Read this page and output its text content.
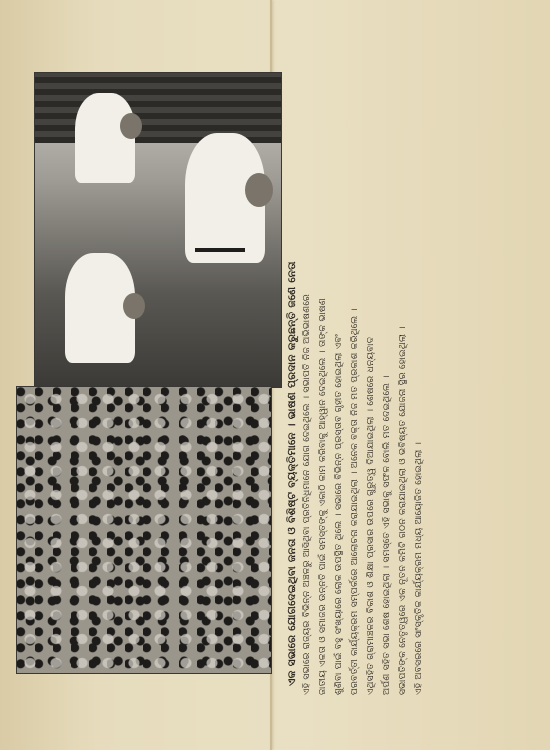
ଏକ ସଭାରେ ଯୋଗଦେଇଥିବା ଜନତା ଓ ବିଶିଷ୍ଟ ବ୍ୟକ୍ତିମାନେ । ଭାଷଣ ପ୍ରଦାନ କରୁଛନ୍ତି ଜଣେ ନେତା ଏହି ସଭାରେ ରାଜ୍ୟର ବିଭିନ୍ନ ଅଞ୍ଚଳରୁ ଆସିଥିବା ପ୍ରତିନିଧିମାନେ ଯୋଗ ଦେଇଥିଲେ । ସଭାପତି ନିଜ ଅଭିଭାଷଣରେ ଜାତୀୟ ଏକତା ଓ ସମାଜର ଉନ୍ନତି ପାଇଁ ସମସ୍ତଙ୍କୁ ଏକାଠି କାମ କରିବାକୁ ଆହ୍ୱାନ ଦେଇଥିଲେ । ତାଙ୍କ ଭାଷଣ ଶୁଣିବା ପାଇଁ ବହୁ ସଂଖ୍ୟାରେ ଲୋକ ଉପସ୍ଥିତ ଥିଲେ । ସଭାରେ ବିଭିନ୍ନ ପ୍ରସ୍ତାବ ଗୃହୀତ ହୋଇଥିଲା ଏବଂ ପରବର୍ତ୍ତୀ କାର୍ଯ୍ୟକ୍ରମ ସମ୍ପର୍କରେ ଆଲୋଚନା କରାଯାଇଥିଲା । ଅନେକ ବକ୍ତା ନିଜ ମତ ପ୍ରକାଶ କରିଥିଲେ । ଏଥିସହିତ ଗ୍ରାମାଞ୍ଚଳର ବିକାଶ ଓ ଶିକ୍ଷା ପ୍ରସାର ଉପରେ ଗୁରୁତ୍ୱ ଦିଆଯାଇଥିଲା । ଶେଷରେ ଧନ୍ୟବାଦ ଅର୍ପଣ ସହିତ ସଭା ଶେଷ ହୋଇଥିଲା । ସମସ୍ତେ ଏହି ସଭାକୁ ସଫଳ ବୋଲି ମତ ଦେଇଥିଲେ । ସଭାପତିଙ୍କ ନେତୃତ୍ୱରେ ଏକ ନୂତନ କମିଟି ଗଠନ କରାଯାଇଥିଲା ଓ ଭବିଷ୍ୟତ ଯୋଜନା ସ୍ଥିର ହୋଇଥିଲା । ଏହି ଅବସରରେ ସାଂସ୍କୃତିକ କାର୍ଯ୍ୟକ୍ରମ ମଧ୍ୟ ଆୟୋଜିତ ହୋଇଥିଲା ।
